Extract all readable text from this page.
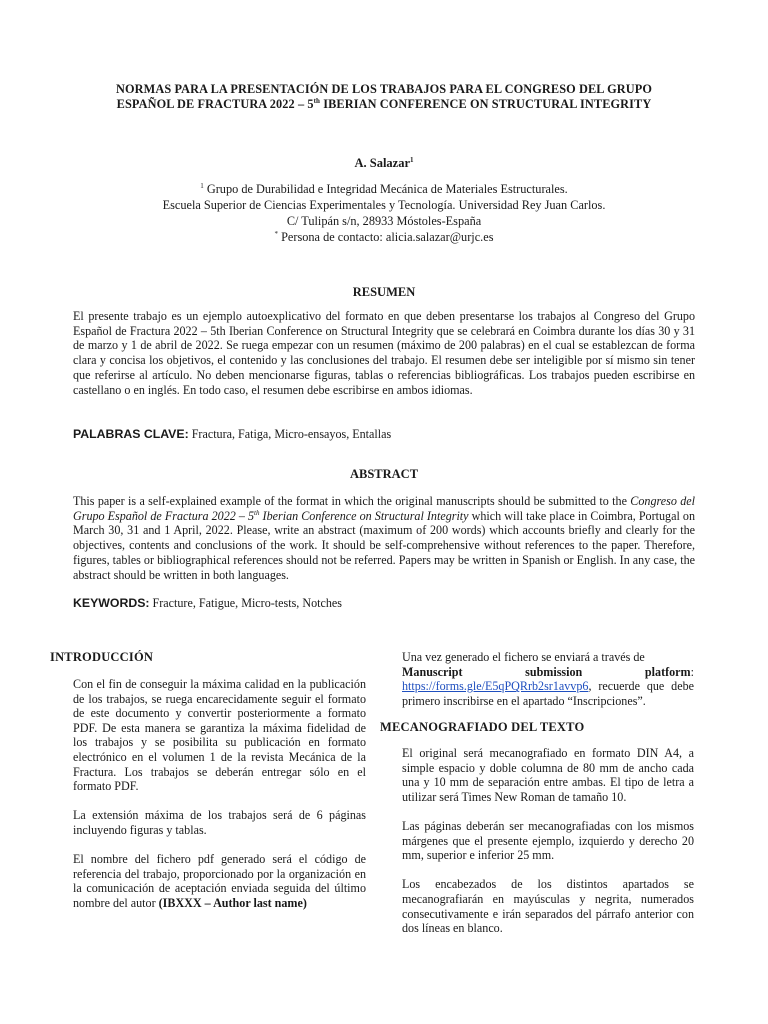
NORMAS PARA LA PRESENTACIÓN DE LOS TRABAJOS PARA EL CONGRESO DEL GRUPO
ESPAÑOL DE FRACTURA 2022 – 5th IBERIAN CONFERENCE ON STRUCTURAL INTEGRITY
A. Salazar$^1$
$^1$ Grupo de Durabilidad e Integridad Mecánica de Materiales Estructurales.
Escuela Superior de Ciencias Experimentales y Tecnología. Universidad Rey Juan Carlos.
C/ Tulipán s/n, 28933 Móstoles-España
* Persona de contacto: alicia.salazar@urjc.es
RESUMEN
El presente trabajo es un ejemplo autoexplicativo del formato en que deben presentarse los trabajos al Congreso del Grupo Español de Fractura 2022 – 5th Iberian Conference on Structural Integrity que se celebrará en Coimbra durante los días 30 y 31 de marzo y 1 de abril de 2022. Se ruega empezar con un resumen (máximo de 200 palabras) en el cual se establezcan de forma clara y concisa los objetivos, el contenido y las conclusiones del trabajo. El resumen debe ser inteligible por sí mismo sin tener que referirse al artículo. No deben mencionarse figuras, tablas o referencias bibliográficas. Los trabajos pueden escribirse en castellano o en inglés. En todo caso, el resumen debe escribirse en ambos idiomas.
PALABRAS CLAVE: Fractura, Fatiga, Micro-ensayos, Entallas
ABSTRACT
This paper is a self-explained example of the format in which the original manuscripts should be submitted to the Congreso del Grupo Español de Fractura 2022 – 5th Iberian Conference on Structural Integrity which will take place in Coimbra, Portugal on March 30, 31 and 1 April, 2022. Please, write an abstract (maximum of 200 words) which accounts briefly and clearly for the objectives, contents and conclusions of the work. It should be self-comprehensive without references to the paper. Therefore, figures, tables or bibliographical references should not be referred. Papers may be written in Spanish or English. In any case, the abstract should be written in both languages.
KEYWORDS: Fracture, Fatigue, Micro-tests, Notches
INTRODUCCIÓN

Con el fin de conseguir la máxima calidad en la publicación de los trabajos, se ruega encarecidamente seguir el formato de este documento y convertir posteriormente a formato PDF. De esta manera se garantiza la máxima fidelidad de los trabajos y se posibilita su publicación en formato electrónico en el volumen 1 de la revista Mecánica de la Fractura. Los trabajos se deberán entregar sólo en el formato PDF.

La extensión máxima de los trabajos será de 6 páginas incluyendo figuras y tablas.

El nombre del fichero pdf generado será el código de referencia del trabajo, proporcionado por la organización en la comunicación de aceptación enviada seguida del último nombre del autor (IBXXX – Author last name)

Una vez generado el fichero se enviará a través de
Manuscript submission platform:
https://forms.gle/E5qPQRrb2sr1avvp6, recuerde que debe primero inscribirse en el apartado “Inscripciones”.

MECANOGRAFIADO DEL TEXTO

El original será mecanografiado en formato DIN A4, a simple espacio y doble columna de 80 mm de ancho cada una y 10 mm de separación entre ambas. El tipo de letra a utilizar será Times New Roman de tamaño 10.

Las páginas deberán ser mecanografiadas con los mismos márgenes que el presente ejemplo, izquierdo y derecho 20 mm, superior e inferior 25 mm.

Los encabezados de los distintos apartados se mecanografiarán en mayúsculas y negrita, numerados consecutivamente e irán separados del párrafo anterior con dos líneas en blanco.
